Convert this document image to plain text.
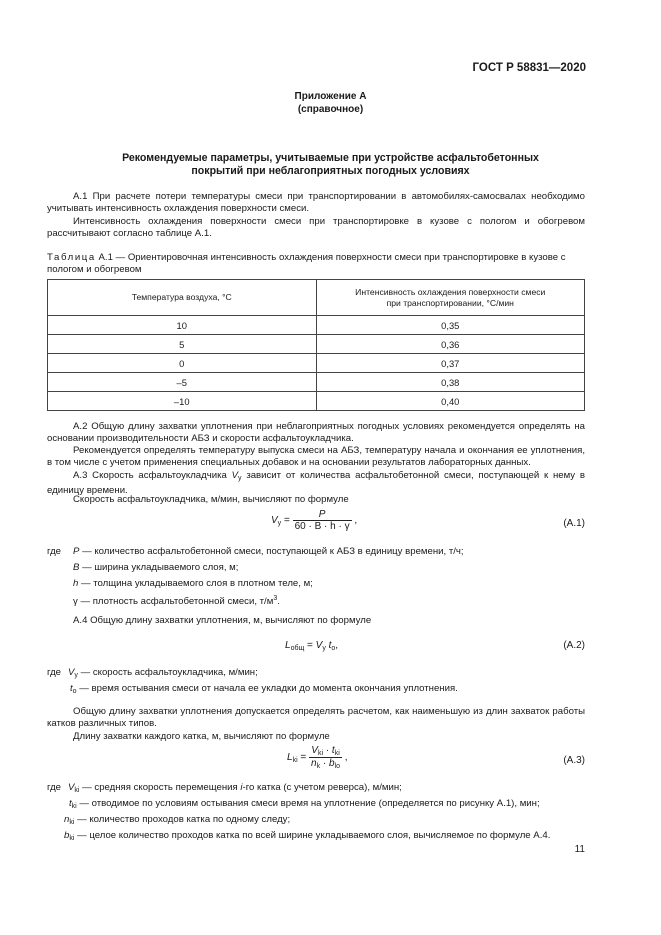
ГОСТ Р 58831—2020
Приложение А
(справочное)
Рекомендуемые параметры, учитываемые при устройстве асфальтобетонных
покрытий при неблагоприятных погодных условиях
А.1 При расчете потери температуры смеси при транспортировании в автомобилях-самосвалах необходимо учитывать интенсивность охлаждения поверхности смеси.
Интенсивность охлаждения поверхности смеси при транспортировке в кузове с пологом и обогревом рассчитывают согласно таблице А.1.
Таблица А.1 — Ориентировочная интенсивность охлаждения поверхности смеси при транспортировке в кузове с пологом и обогревом
Температура воздуха, °С	Интенсивность охлаждения поверхности смеси
при транспортировании, °С/мин

10	0,35
5	0,36
0	0,37
–5	0,38
–10	0,40
А.2 Общую длину захватки уплотнения при неблагоприятных погодных условиях рекомендуется определять на основании производительности АБЗ и скорости асфальтоукладчика.
Рекомендуется определять температуру выпуска смеси на АБЗ, температуру начала и окончания ее уплотнения, в том числе с учетом применения специальных добавок и на основании результатов лабораторных данных.
А.3 Скорость асфальтоукладчика $V_у$ зависит от количества асфальтобетонной смеси, поступающей к нему в единицу времени.
Скорость асфальтоукладчика, м/мин, вычисляют по формуле
$V_у = \frac{P}{60 \cdot B \cdot h \cdot \gamma}$ ,	(А.1)
где P — количество асфальтобетонной смеси, поступающей к АБЗ в единицу времени, т/ч;
B — ширина укладываемого слоя, м;
h — толщина укладываемого слоя в плотном теле, м;
γ — плотность асфальтобетонной смеси, $т/м^3$.
А.4 Общую длину захватки уплотнения, м, вычисляют по формуле
$L_{общ} = V_у$ $t_о$,	(А.2)
где $V_у$ — скорость асфальтоукладчика, м/мин;
$t_о$ — время остывания смеси от начала ее укладки до момента окончания уплотнения.
Общую длину захватки уплотнения допускается определять расчетом, как наименьшую из длин захваток работы катков различных типов.
Длину захватки каждого катка, м, вычисляют по формуле
$L_{ki} = \frac{V_{ki} \cdot t_{ki}}{n_k \cdot b_{lo}}$ ,	(А.3)
где $V_{ki}$ — средняя скорость перемещения i-го катка (с учетом реверса), м/мин;
$t_{ki}$ — отводимое по условиям остывания смеси время на уплотнение (определяется по рисунку А.1), мин;
$n_{ki}$ — количество проходов катка по одному следу;
$b_{ki}$ — целое количество проходов катка по всей ширине укладываемого слоя, вычисляемое по формуле А.4.
11
